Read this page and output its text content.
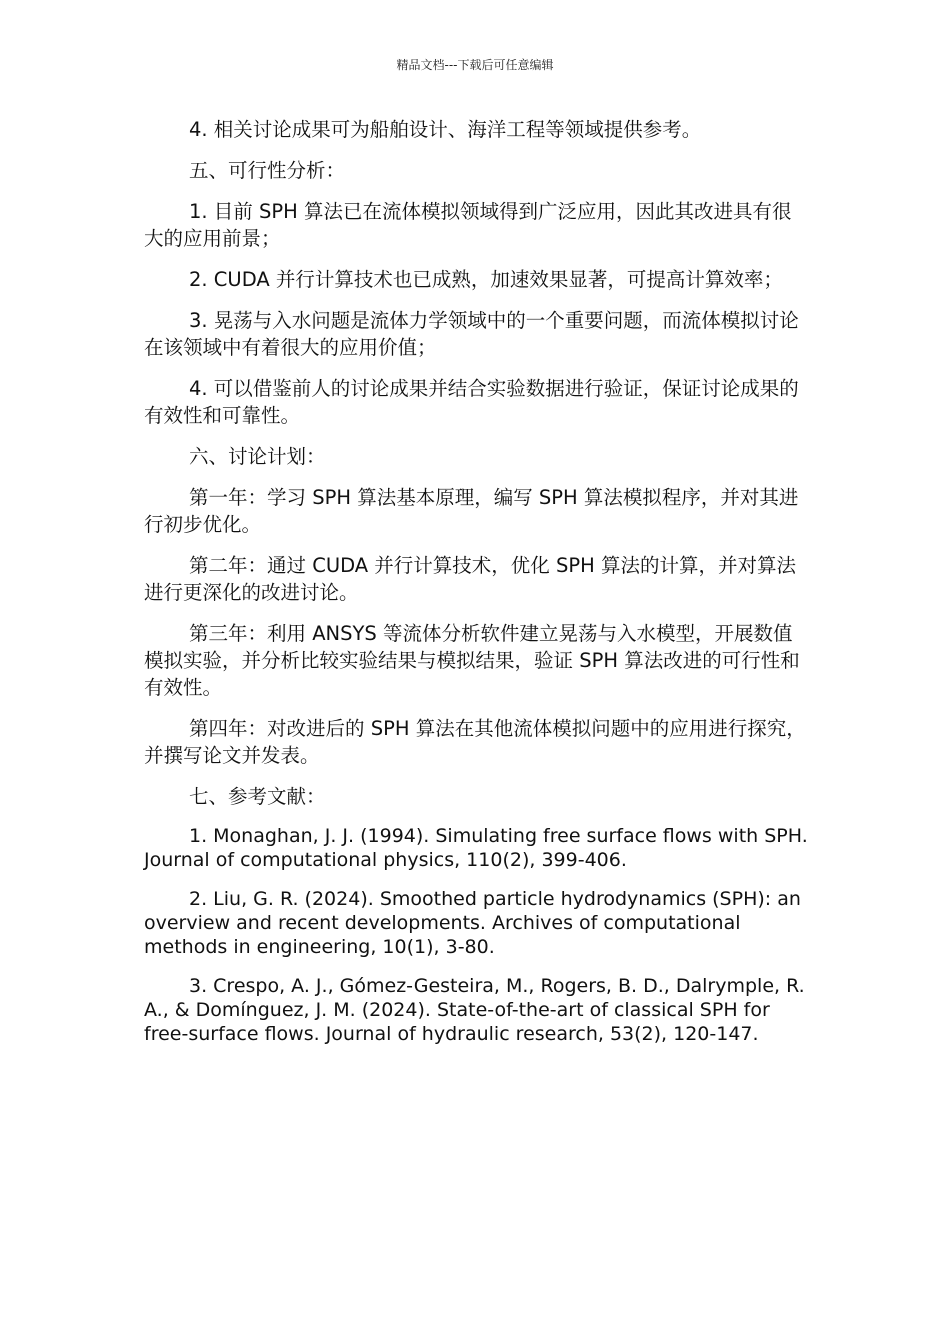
精品文档---下载后可任意编辑

4. 相关讨论成果可为船舶设计、海洋工程等领域提供参考。

五、可行性分析：

1. 目前 SPH 算法已在流体模拟领域得到广泛应用，因此其改进具有很大的应用前景；

2. CUDA 并行计算技术也已成熟，加速效果显著，可提高计算效率；

3. 晃荡与入水问题是流体力学领域中的一个重要问题，而流体模拟讨论在该领域中有着很大的应用价值；

4. 可以借鉴前人的讨论成果并结合实验数据进行验证，保证讨论成果的有效性和可靠性。

六、讨论计划：

第一年：学习 SPH 算法基本原理，编写 SPH 算法模拟程序，并对其进行初步优化。

第二年：通过 CUDA 并行计算技术，优化 SPH 算法的计算，并对算法进行更深化的改进讨论。

第三年：利用 ANSYS 等流体分析软件建立晃荡与入水模型，开展数值模拟实验，并分析比较实验结果与模拟结果，验证 SPH 算法改进的可行性和有效性。

第四年：对改进后的 SPH 算法在其他流体模拟问题中的应用进行探究，并撰写论文并发表。

七、参考文献：

1. Monaghan, J. J. (1994). Simulating free surface flows with SPH. Journal of computational physics, 110(2), 399-406.

2. Liu, G. R. (2024). Smoothed particle hydrodynamics (SPH): an overview and recent developments. Archives of computational methods in engineering, 10(1), 3-80.

3. Crespo, A. J., Gómez-Gesteira, M., Rogers, B. D., Dalrymple, R. A., & Domínguez, J. M. (2024). State-of-the-art of classical SPH for free-surface flows. Journal of hydraulic research, 53(2), 120-147.
